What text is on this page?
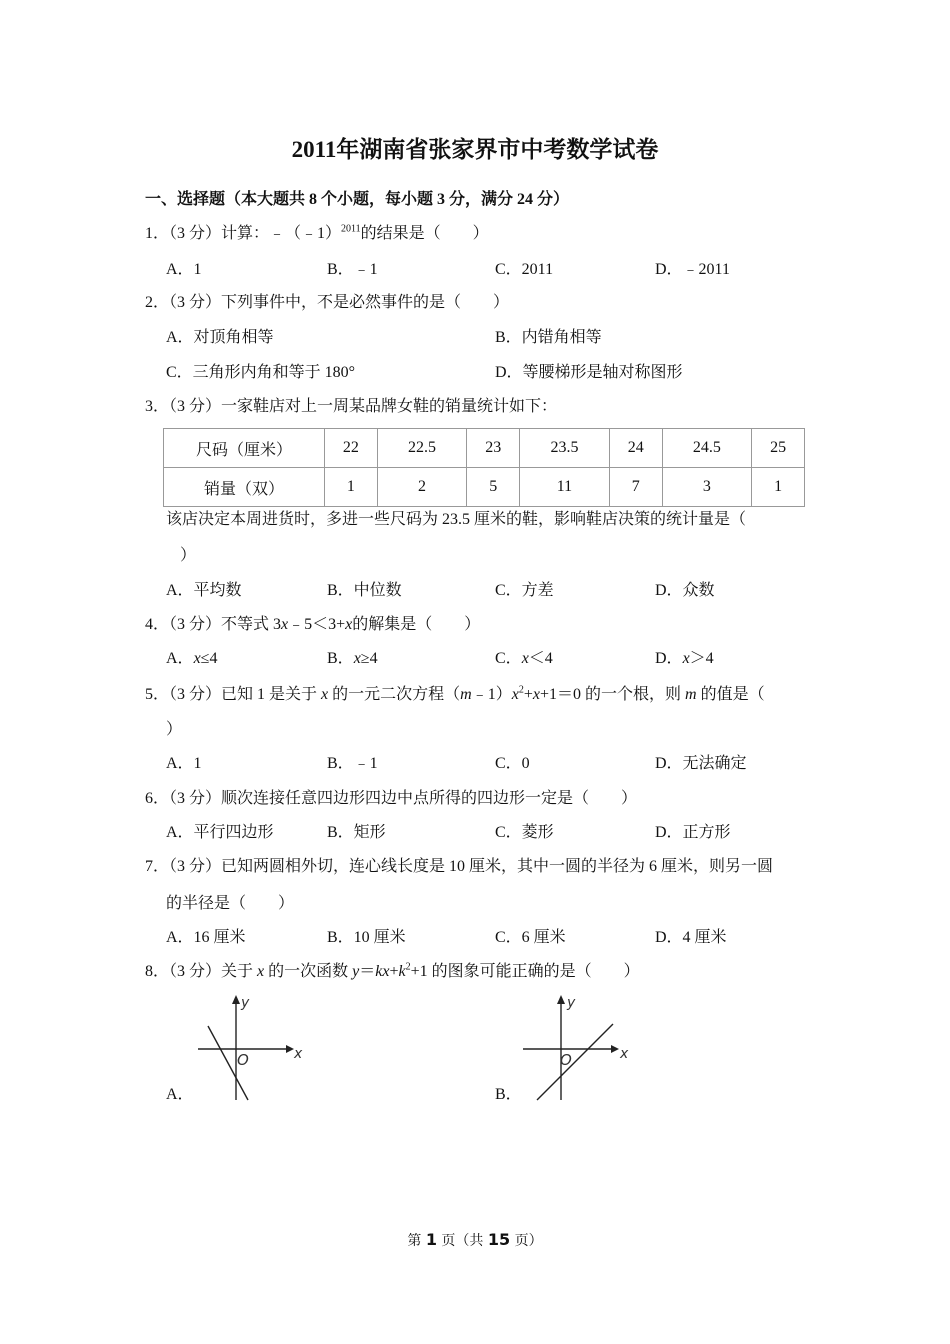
2011年湖南省张家界市中考数学试卷
一、选择题（本大题共 8 个小题，每小题 3 分，满分 24 分）
1．（3 分）计算：﹣（﹣1）$^{2011}$的结果是（　　）
A．1	B．﹣1	C．2011	D．﹣2011
2．（3 分）下列事件中，不是必然事件的是（　　）
A．对顶角相等	B．内错角相等
C．三角形内角和等于 180°	D．等腰梯形是轴对称图形
3．（3 分）一家鞋店对上一周某品牌女鞋的销量统计如下：
尺码（厘米）	22	22.5	23	23.5	24	24.5	25
销量（双）	1	2	5	11	7	3	1
该店决定本周进货时，多进一些尺码为 23.5 厘米的鞋，影响鞋店决策的统计量是（
）
A．平均数	B．中位数	C．方差	D．众数
4．（3 分）不等式 3x﹣5＜3+x的解集是（　　）
A．x≤4	B．x≥4	C．x＜4	D．x＞4
5．（3 分）已知 1 是关于 x 的一元二次方程$(m﹣1)x^2+x+1=0$ 的一个根，则 m 的值是（
）
A．1	B．﹣1	C．0	D．无法确定
6．（3 分）顺次连接任意四边形四边中点所得的四边形一定是（　　）
A．平行四边形	B．矩形	C．菱形	D．正方形
7．（3 分）已知两圆相外切，连心线长度是 10 厘米，其中一圆的半径为 6 厘米，则另一圆
的半径是（　　）
A．16 厘米	B．10 厘米	C．6 厘米	D．4 厘米
8．（3 分）关于 x 的一次函数 $y=kx+k^2+1$ 的图象可能正确的是（　　）
y
x
O
A．
y
x
O
B．
第 1 页（共 15 页）
